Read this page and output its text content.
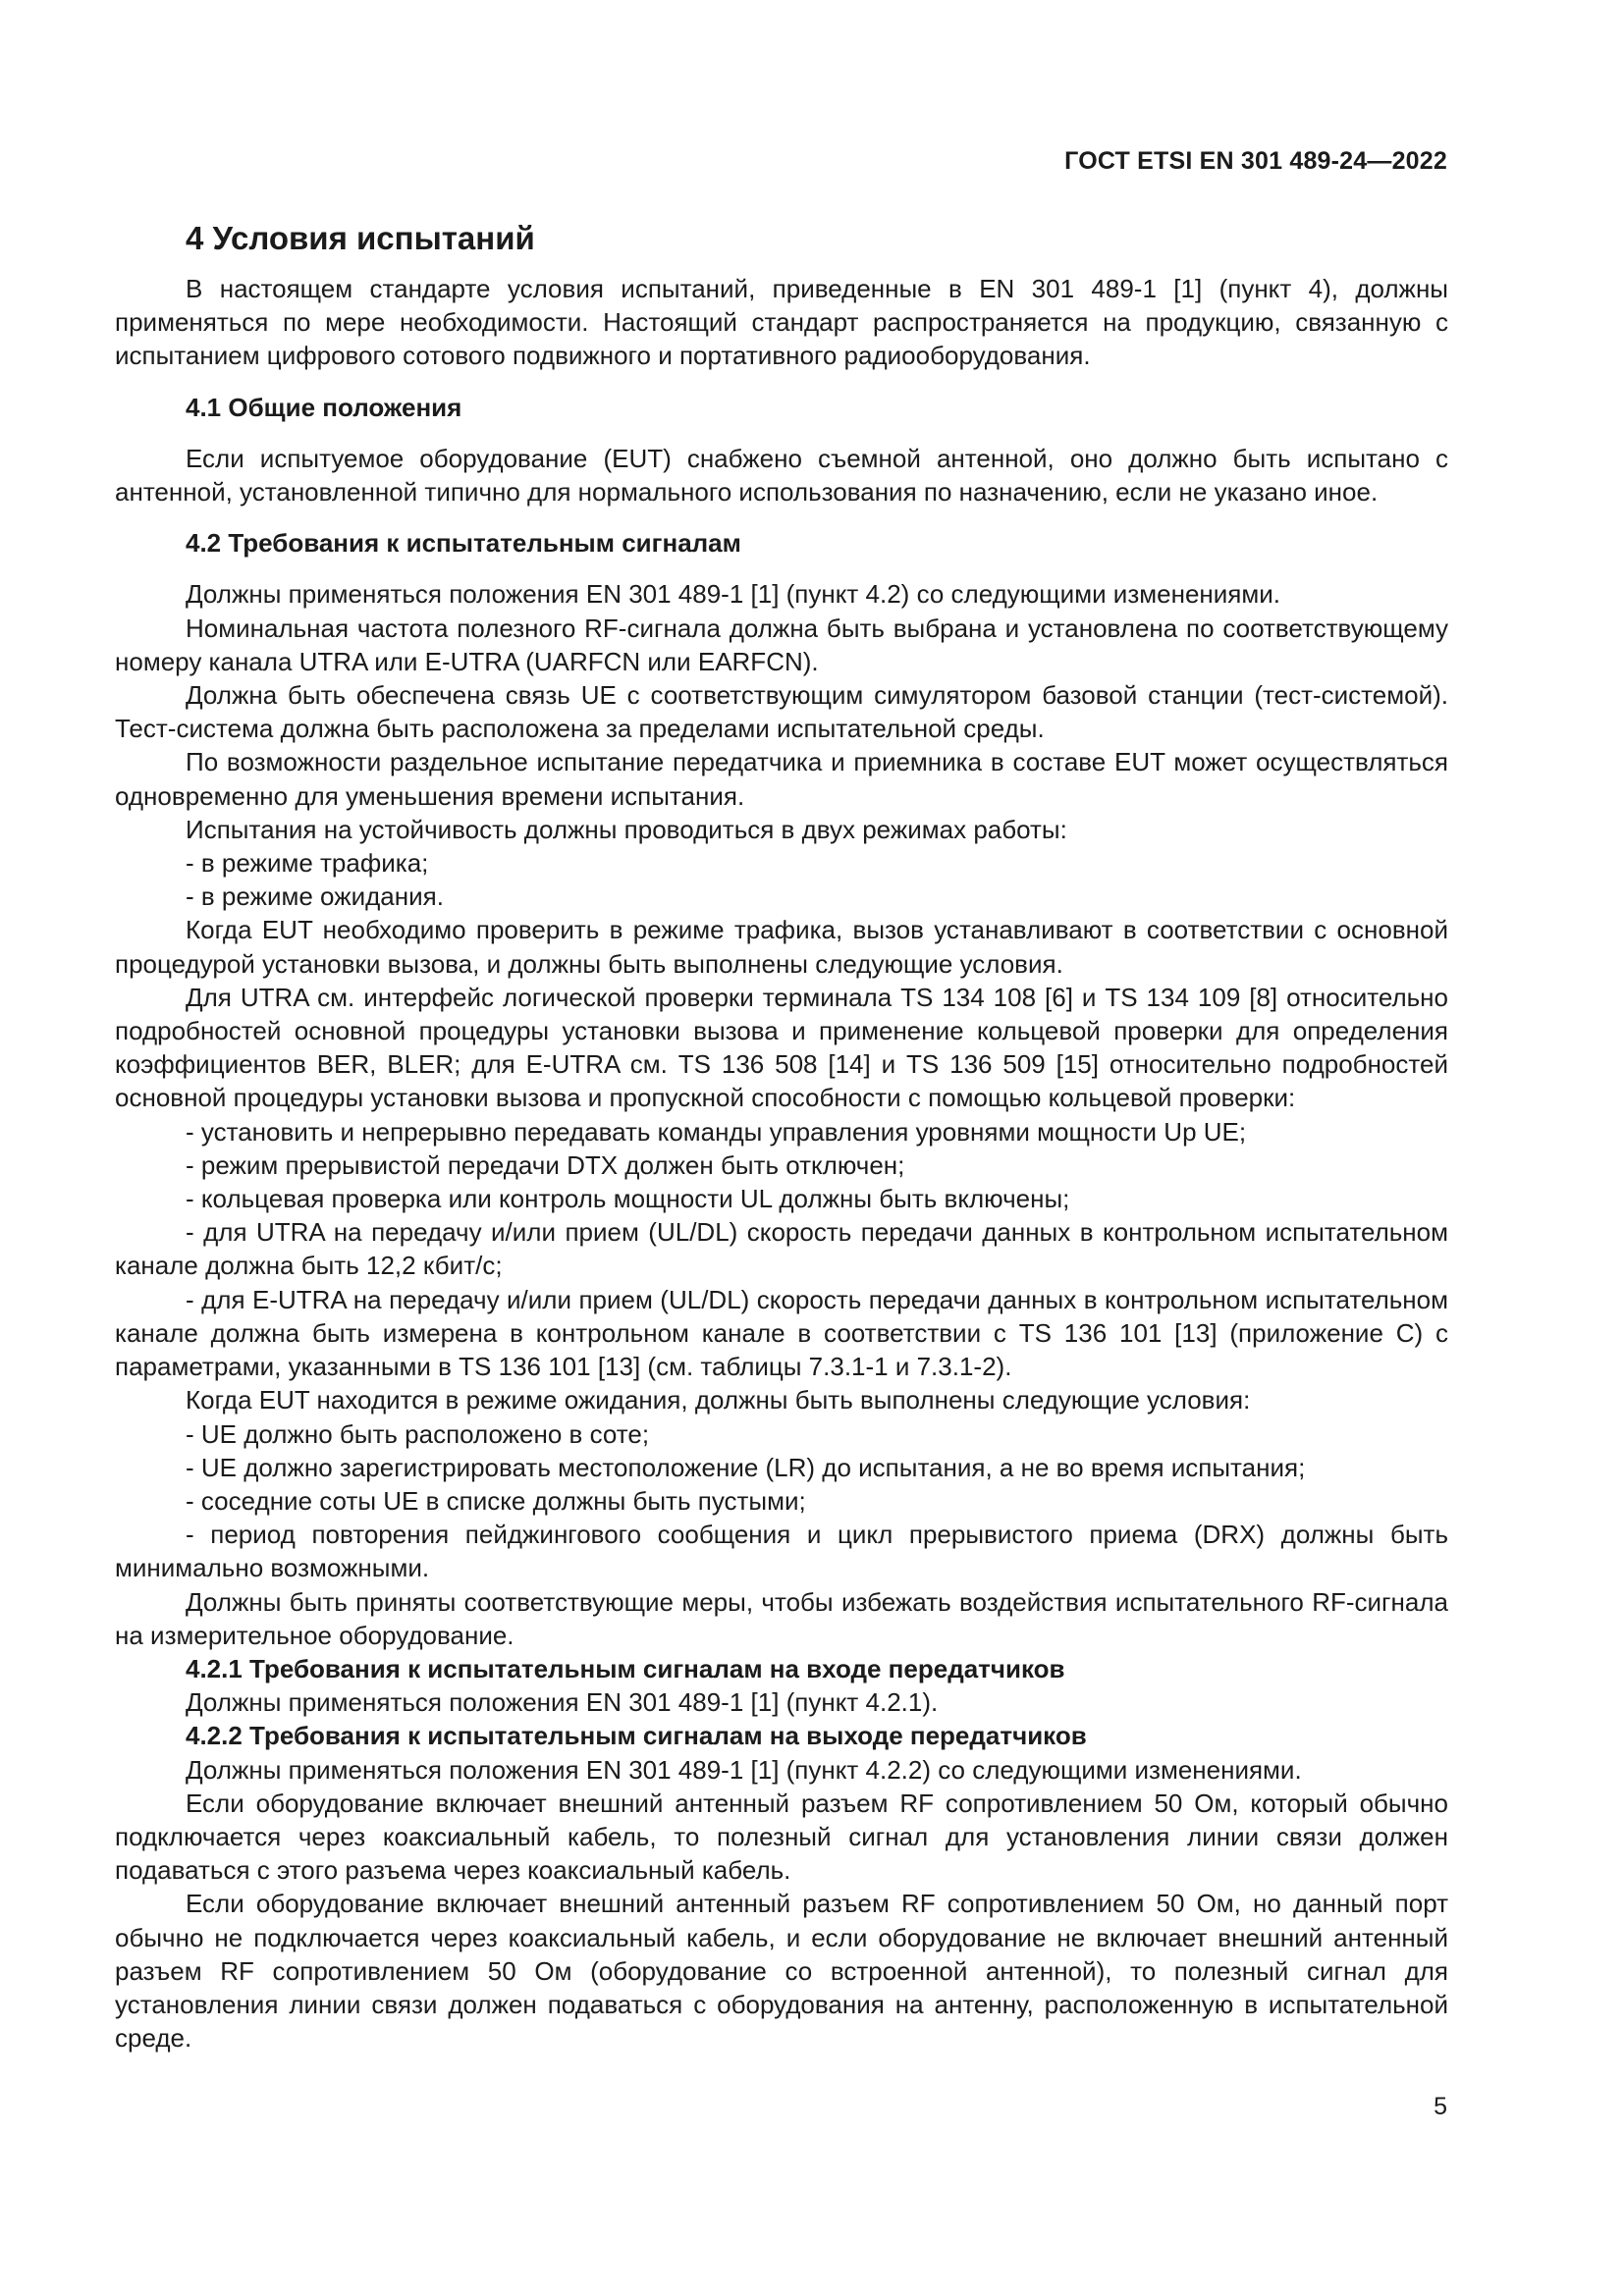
ГОСТ ETSI EN 301 489-24—2022
4 Условия испытаний

В настоящем стандарте условия испытаний, приведенные в EN 301 489-1 [1] (пункт 4), должны применяться по мере необходимости. Настоящий стандарт распространяется на продукцию, связанную с испытанием цифрового сотового подвижного и портативного радиооборудования.

4.1 Общие положения

Если испытуемое оборудование (EUT) снабжено съемной антенной, оно должно быть испытано с антенной, установленной типично для нормального использования по назначению, если не указано иное.

4.2 Требования к испытательным сигналам

Должны применяться положения EN 301 489-1 [1] (пункт 4.2) со следующими изменениями.

Номинальная частота полезного RF-сигнала должна быть выбрана и установлена по соответствующему номеру канала UTRA или E-UTRA (UARFCN или EARFCN).

Должна быть обеспечена связь UE с соответствующим симулятором базовой станции (тест-системой). Тест-система должна быть расположена за пределами испытательной среды.

По возможности раздельное испытание передатчика и приемника в составе EUT может осуществляться одновременно для уменьшения времени испытания.

Испытания на устойчивость должны проводиться в двух режимах работы:

- в режиме трафика;

- в режиме ожидания.

Когда EUT необходимо проверить в режиме трафика, вызов устанавливают в соответствии с основной процедурой установки вызова, и должны быть выполнены следующие условия.

Для UTRA см. интерфейс логической проверки терминала TS 134 108 [6] и TS 134 109 [8] относительно подробностей основной процедуры установки вызова и применение кольцевой проверки для определения коэффициентов BER, BLER; для E-UTRA см. TS 136 508 [14] и TS 136 509 [15] относительно подробностей основной процедуры установки вызова и пропускной способности с помощью кольцевой проверки:

- установить и непрерывно передавать команды управления уровнями мощности Up UE;

- режим прерывистой передачи DTX должен быть отключен;

- кольцевая проверка или контроль мощности UL должны быть включены;

- для UTRA на передачу и/или прием (UL/DL) скорость передачи данных в контрольном испытательном канале должна быть 12,2 кбит/с;

- для E-UTRA на передачу и/или прием (UL/DL) скорость передачи данных в контрольном испытательном канале должна быть измерена в контрольном канале в соответствии с TS 136 101 [13] (приложение С) с параметрами, указанными в TS 136 101 [13] (см. таблицы 7.3.1-1 и 7.3.1-2).

Когда EUT находится в режиме ожидания, должны быть выполнены следующие условия:

- UE должно быть расположено в соте;

- UE должно зарегистрировать местоположение (LR) до испытания, а не во время испытания;

- соседние соты UE в списке должны быть пустыми;

- период повторения пейджингового сообщения и цикл прерывистого приема (DRX) должны быть минимально возможными.

Должны быть приняты соответствующие меры, чтобы избежать воздействия испытательного RF-сигнала на измерительное оборудование.

4.2.1 Требования к испытательным сигналам на входе передатчиков

Должны применяться положения EN 301 489-1 [1] (пункт 4.2.1).

4.2.2 Требования к испытательным сигналам на выходе передатчиков

Должны применяться положения EN 301 489-1 [1] (пункт 4.2.2) со следующими изменениями.

Если оборудование включает внешний антенный разъем RF сопротивлением 50 Ом, который обычно подключается через коаксиальный кабель, то полезный сигнал для установления линии связи должен подаваться с этого разъема через коаксиальный кабель.

Если оборудование включает внешний антенный разъем RF сопротивлением 50 Ом, но данный порт обычно не подключается через коаксиальный кабель, и если оборудование не включает внешний антенный разъем RF сопротивлением 50 Ом (оборудование со встроенной антенной), то полезный сигнал для установления линии связи должен подаваться с оборудования на антенну, расположенную в испытательной среде.

5
